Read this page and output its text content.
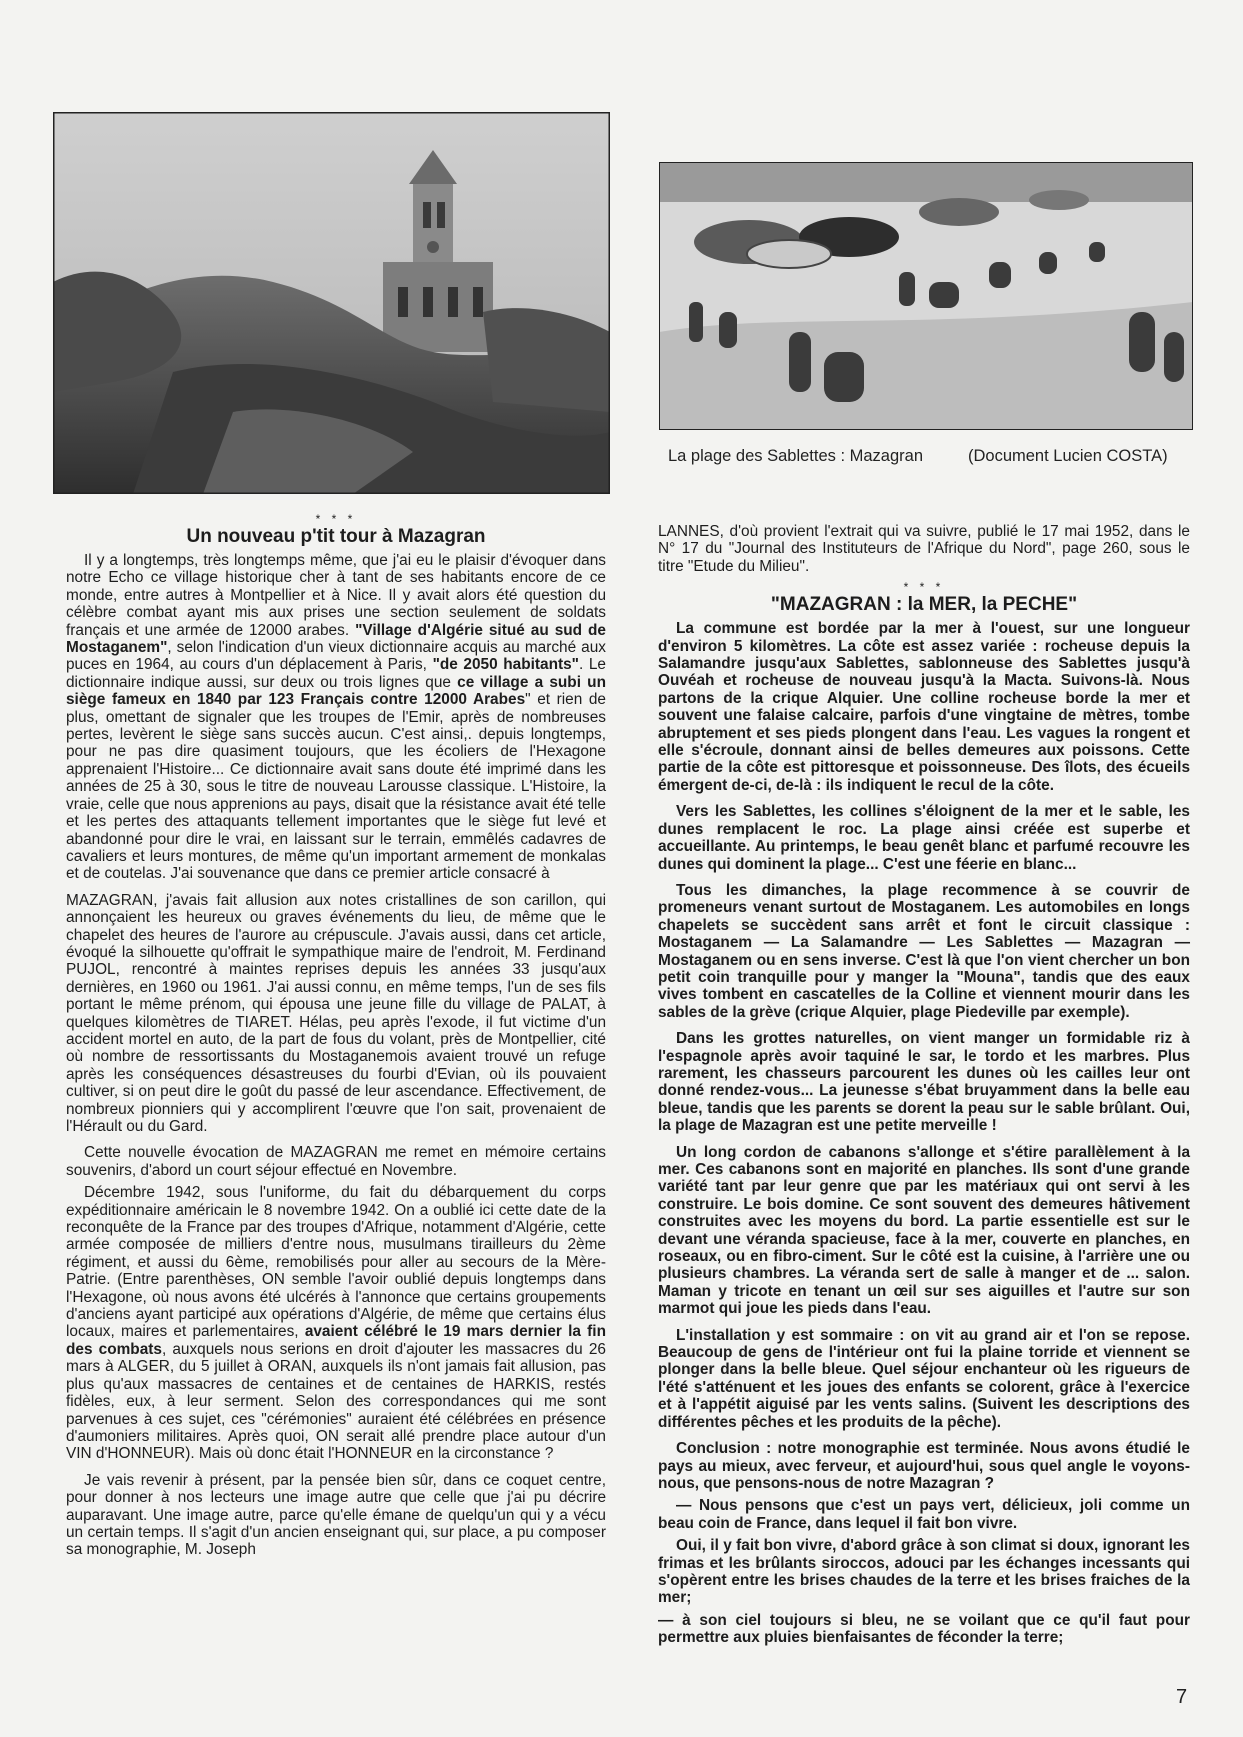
La plage des Sablettes : Mazagran	(Document Lucien COSTA)
* * *
Un nouveau p'tit tour à Mazagran

Il y a longtemps, très longtemps même, que j'ai eu le plaisir d'évoquer dans notre Echo ce village historique cher à tant de ses habitants encore de ce monde, entre autres à Montpellier et à Nice. Il y avait alors été question du célèbre combat ayant mis aux prises une section seulement de soldats français et une armée de 12000 arabes. "Village d'Algérie situé au sud de Mostaganem", selon l'indication d'un vieux dictionnaire acquis au marché aux puces en 1964, au cours d'un déplacement à Paris, "de 2050 habitants". Le dictionnaire indique aussi, sur deux ou trois lignes que ce village a subi un siège fameux en 1840 par 123 Français contre 12000 Arabes" et rien de plus, omettant de signaler que les troupes de l'Emir, après de nombreuses pertes, levèrent le siège sans succès aucun. C'est ainsi,. depuis longtemps, pour ne pas dire quasiment toujours, que les écoliers de l'Hexagone apprenaient l'Histoire... Ce dictionnaire avait sans doute été imprimé dans les années de 25 à 30, sous le titre de nouveau Larousse classique. L'Histoire, la vraie, celle que nous apprenions au pays, disait que la résistance avait été telle et les pertes des attaquants tellement importantes que le siège fut levé et abandonné pour dire le vrai, en laissant sur le terrain, emmêlés cadavres de cavaliers et leurs montures, de même qu'un important armement de monkalas et de coutelas. J'ai souvenance que dans ce premier article consacré à

MAZAGRAN, j'avais fait allusion aux notes cristallines de son carillon, qui annonçaient les heureux ou graves événements du lieu, de même que le chapelet des heures de l'aurore au crépuscule. J'avais aussi, dans cet article, évoqué la silhouette qu'offrait le sympathique maire de l'endroit, M. Ferdinand PUJOL, rencontré à maintes reprises depuis les années 33 jusqu'aux dernières, en 1960 ou 1961. J'ai aussi connu, en même temps, l'un de ses fils portant le même prénom, qui épousa une jeune fille du village de PALAT, à quelques kilomètres de TIARET. Hélas, peu après l'exode, il fut victime d'un accident mortel en auto, de la part de fous du volant, près de Montpellier, cité où nombre de ressortissants du Mostaganemois avaient trouvé un refuge après les conséquences désastreuses du fourbi d'Evian, où ils pouvaient cultiver, si on peut dire le goût du passé de leur ascendance. Effectivement, de nombreux pionniers qui y accomplirent l'œuvre que l'on sait, provenaient de l'Hérault ou du Gard.

Cette nouvelle évocation de MAZAGRAN me remet en mémoire certains souvenirs, d'abord un court séjour effectué en Novembre.

Décembre 1942, sous l'uniforme, du fait du débarquement du corps expéditionnaire américain le 8 novembre 1942. On a oublié ici cette date de la reconquête de la France par des troupes d'Afrique, notamment d'Algérie, cette armée composée de milliers d'entre nous, musulmans tirailleurs du 2ème régiment, et aussi du 6ème, remobilisés pour aller au secours de la Mère-Patrie. (Entre parenthèses, ON semble l'avoir oublié depuis longtemps dans l'Hexagone, où nous avons été ulcérés à l'annonce que certains groupements d'anciens ayant participé aux opérations d'Algérie, de même que certains élus locaux, maires et parlementaires, avaient célébré le 19 mars dernier la fin des combats, auxquels nous serions en droit d'ajouter les massacres du 26 mars à ALGER, du 5 juillet à ORAN, auxquels ils n'ont jamais fait allusion, pas plus qu'aux massacres de centaines et de centaines de HARKIS, restés fidèles, eux, à leur serment. Selon des correspondances qui me sont parvenues à ces sujet, ces "cérémonies" auraient été célébrées en présence d'aumoniers militaires. Après quoi, ON serait allé prendre place autour d'un VIN d'HONNEUR). Mais où donc était l'HONNEUR en la circonstance ?

Je vais revenir à présent, par la pensée bien sûr, dans ce coquet centre, pour donner à nos lecteurs une image autre que celle que j'ai pu décrire auparavant. Une image autre, parce qu'elle émane de quelqu'un qui y a vécu un certain temps. Il s'agit d'un ancien enseignant qui, sur place, a pu composer sa monographie, M. Joseph

LANNES, d'où provient l'extrait qui va suivre, publié le 17 mai 1952, dans le N° 17 du "Journal des Instituteurs de l'Afrique du Nord", page 260, sous le titre "Etude du Milieu".

* * *
"MAZAGRAN : la MER, la PECHE"

La commune est bordée par la mer à l'ouest, sur une longueur d'environ 5 kilomètres. La côte est assez variée : rocheuse depuis la Salamandre jusqu'aux Sablettes, sablonneuse des Sablettes jusqu'à Ouvéah et rocheuse de nouveau jusqu'à la Macta. Suivons-là. Nous partons de la crique Alquier. Une colline rocheuse borde la mer et souvent une falaise calcaire, parfois d'une vingtaine de mètres, tombe abruptement et ses pieds plongent dans l'eau. Les vagues la rongent et elle s'écroule, donnant ainsi de belles demeures aux poissons. Cette partie de la côte est pittoresque et poissonneuse. Des îlots, des écueils émergent de-ci, de-là : ils indiquent le recul de la côte.

Vers les Sablettes, les collines s'éloignent de la mer et le sable, les dunes remplacent le roc. La plage ainsi créée est superbe et accueillante. Au printemps, le beau genêt blanc et parfumé recouvre les dunes qui dominent la plage... C'est une féerie en blanc...

Tous les dimanches, la plage recommence à se couvrir de promeneurs venant surtout de Mostaganem. Les automobiles en longs chapelets se succèdent sans arrêt et font le circuit classique : Mostaganem — La Salamandre — Les Sablettes — Mazagran — Mostaganem ou en sens inverse. C'est là que l'on vient chercher un bon petit coin tranquille pour y manger la "Mouna", tandis que des eaux vives tombent en cascatelles de la Colline et viennent mourir dans les sables de la grève (crique Alquier, plage Piedeville par exemple).

Dans les grottes naturelles, on vient manger un formidable riz à l'espagnole après avoir taquiné le sar, le tordo et les marbres. Plus rarement, les chasseurs parcourent les dunes où les cailles leur ont donné rendez-vous... La jeunesse s'ébat bruyamment dans la belle eau bleue, tandis que les parents se dorent la peau sur le sable brûlant. Oui, la plage de Mazagran est une petite merveille !

Un long cordon de cabanons s'allonge et s'étire parallèlement à la mer. Ces cabanons sont en majorité en planches. Ils sont d'une grande variété tant par leur genre que par les matériaux qui ont servi à les construire. Le bois domine. Ce sont souvent des demeures hâtivement construites avec les moyens du bord. La partie essentielle est sur le devant une véranda spacieuse, face à la mer, couverte en planches, en roseaux, ou en fibro-ciment. Sur le côté est la cuisine, à l'arrière une ou plusieurs chambres. La véranda sert de salle à manger et de ... salon. Maman y tricote en tenant un œil sur ses aiguilles et l'autre sur son marmot qui joue les pieds dans l'eau.

L'installation y est sommaire : on vit au grand air et l'on se repose. Beaucoup de gens de l'intérieur ont fui la plaine torride et viennent se plonger dans la belle bleue. Quel séjour enchanteur où les rigueurs de l'été s'atténuent et les joues des enfants se colorent, grâce à l'exercice et à l'appétit aiguisé par les vents salins. (Suivent les descriptions des différentes pêches et les produits de la pêche).

Conclusion : notre monographie est terminée. Nous avons étudié le pays au mieux, avec ferveur, et aujourd'hui, sous quel angle le voyons-nous, que pensons-nous de notre Mazagran ?

— Nous pensons que c'est un pays vert, délicieux, joli comme un beau coin de France, dans lequel il fait bon vivre.

Oui, il y fait bon vivre, d'abord grâce à son climat si doux, ignorant les frimas et les brûlants siroccos, adouci par les échanges incessants qui s'opèrent entre les brises chaudes de la terre et les brises fraiches de la mer;

— à son ciel toujours si bleu, ne se voilant que ce qu'il faut pour permettre aux pluies bienfaisantes de féconder la terre;

7
